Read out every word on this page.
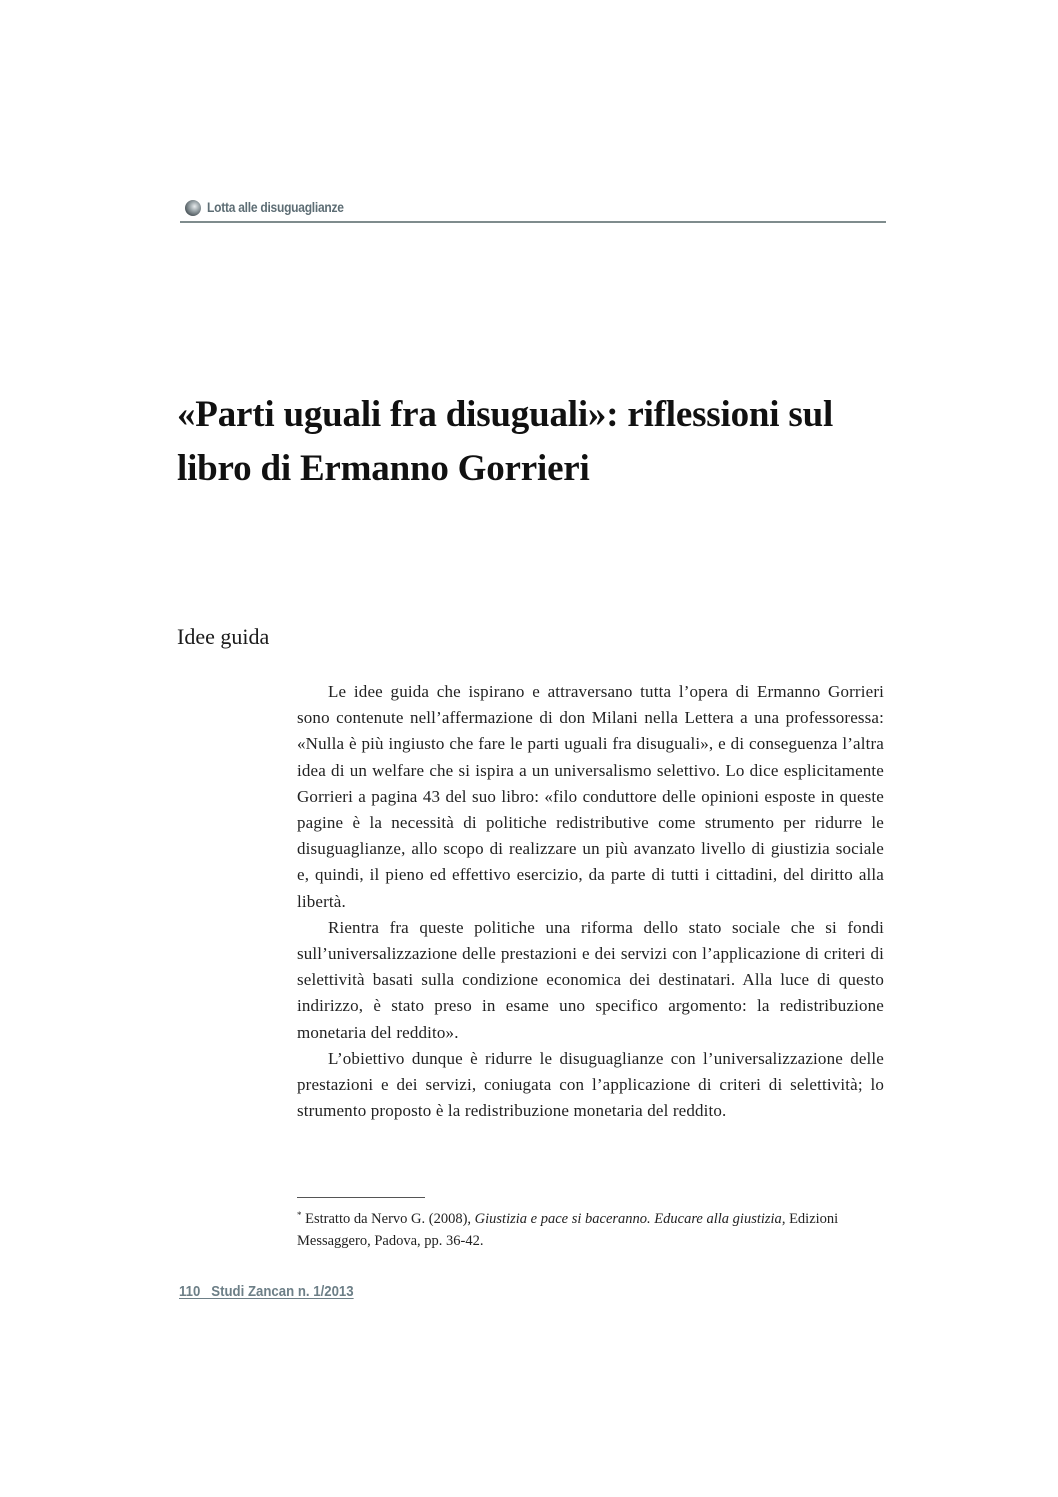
Lotta alle disuguaglianze
«Parti uguali fra disuguali»: riflessioni sul libro di Ermanno Gorrieri
Idee guida

Le idee guida che ispirano e attraversano tutta l’opera di Ermanno Gorrieri sono contenute nell’affermazione di don Milani nella Lettera a una professoressa: «Nulla è più ingiusto che fare le parti uguali fra disuguali», e di conseguenza l’altra idea di un welfare che si ispira a un universalismo selettivo. Lo dice esplicitamente Gorrieri a pagina 43 del suo libro: «filo conduttore delle opinioni esposte in queste pagine è la necessità di politiche redistributive come strumento per ridurre le disuguaglianze, allo scopo di realizzare un più avanzato livello di giustizia sociale e, quindi, il pieno ed effettivo esercizio, da parte di tutti i cittadini, del diritto alla libertà.

Rientra fra queste politiche una riforma dello stato sociale che si fondi sull’universalizzazione delle prestazioni e dei servizi con l’applicazione di criteri di selettività basati sulla condizione economica dei destinatari. Alla luce di questo indirizzo, è stato preso in esame uno specifico argomento: la redistribuzione monetaria del reddito».

L’obiettivo dunque è ridurre le disuguaglianze con l’universalizzazione delle prestazioni e dei servizi, coniugata con l’applicazione di criteri di selettività; lo strumento proposto è la redistribuzione monetaria del reddito.

* Estratto da Nervo G. (2008), Giustizia e pace si baceranno. Educare alla giustizia, Edizioni Messaggero, Padova, pp. 36-42.
110   Studi Zancan n. 1/2013
